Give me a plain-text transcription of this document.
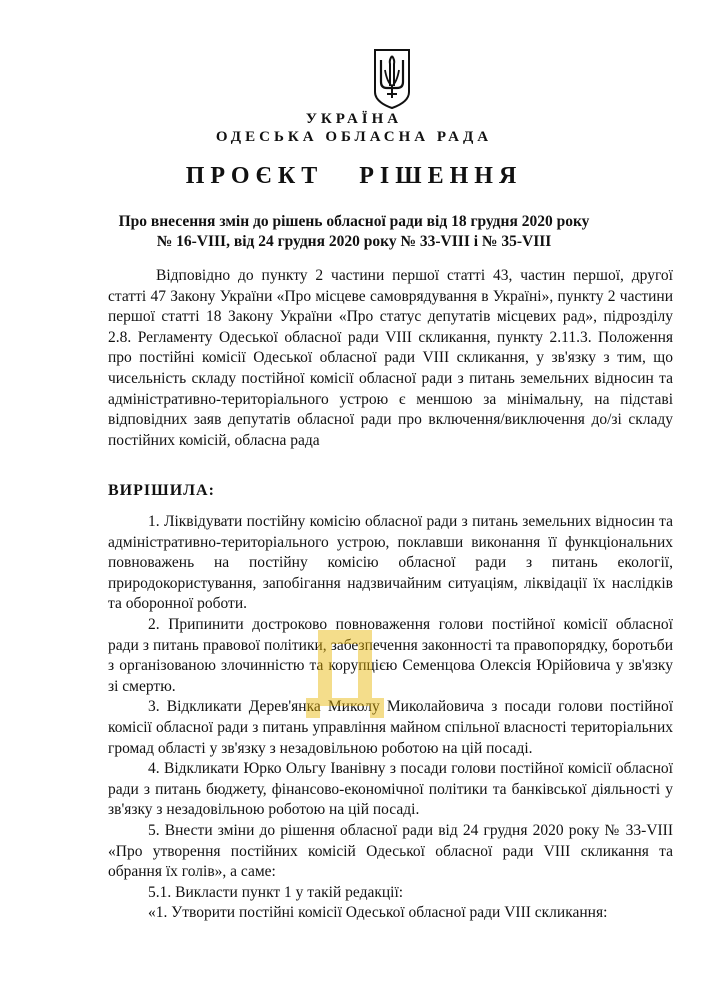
УКРАЇНА
ОДЕСЬКА ОБЛАСНА РАДА
ПРОЄКТ РІШЕННЯ
Про внесення змін до рішень обласної ради від 18 грудня 2020 року
№ 16-VIII, від 24 грудня 2020 року № 33-VIII і № 35-VIII

Відповідно до пункту 2 частини першої статті 43, частин першої, другої статті 47 Закону України «Про місцеве самоврядування в Україні», пункту 2 частини першої статті 18 Закону України «Про статус депутатів місцевих рад», підрозділу 2.8. Регламенту Одеської обласної ради VIII скликання, пункту 2.11.3. Положення про постійні комісії Одеської обласної ради VIII скликання, у зв'язку з тим, що чисельність складу постійної комісії обласної ради з питань земельних відносин та адміністративно-територіального устрою є меншою за мінімальну, на підставі відповідних заяв депутатів обласної ради про включення/виключення до/зі складу постійних комісій, обласна рада

ВИРІШИЛА:

1. Ліквідувати постійну комісію обласної ради з питань земельних відносин та адміністративно-територіального устрою, поклавши виконання її функціональних повноважень на постійну комісію обласної ради з питань екології, природокористування, запобігання надзвичайним ситуаціям, ліквідації їх наслідків та оборонної роботи.

2. Припинити достроково повноваження голови постійної комісії обласної ради з питань правової політики, забезпечення законності та правопорядку, боротьби з організованою злочинністю та корупцією Семенцова Олексія Юрійовича у зв'язку зі смертю.

3. Відкликати Дерев'янка Миколу Миколайовича з посади голови постійної комісії обласної ради з питань управління майном спільної власності територіальних громад області у зв'язку з незадовільною роботою на цій посаді.

4. Відкликати Юрко Ольгу Іванівну з посади голови постійної комісії обласної ради з питань бюджету, фінансово-економічної політики та банківської діяльності у зв'язку з незадовільною роботою на цій посаді.

5. Внести зміни до рішення обласної ради від 24 грудня 2020 року № 33-VIII «Про утворення постійних комісій Одеської обласної ради VIII скликання та обрання їх голів», а саме:

5.1. Викласти пункт 1 у такій редакції:

«1. Утворити постійні комісії Одеської обласної ради VIII скликання:
